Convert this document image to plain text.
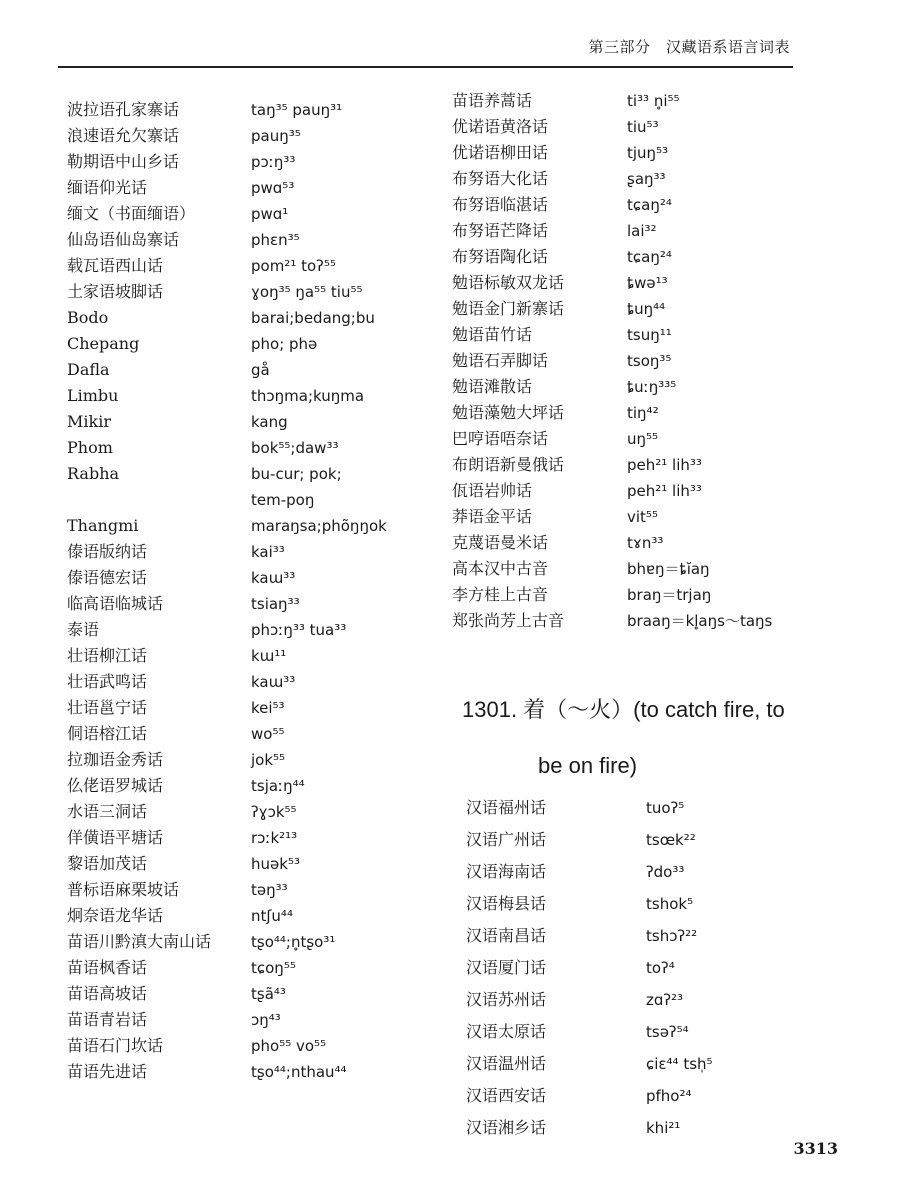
第三部分　汉藏语系语言词表
波拉语孔家寨话	taŋ³⁵ pauŋ³¹
浪速语允欠寨话	pauŋ³⁵
勒期语中山乡话	pɔːŋ³³
缅语仰光话	pwɑ⁵³
缅文（书面缅语）	pwɑ¹
仙岛语仙岛寨话	phɛn³⁵
载瓦语西山话	pom²¹ toʔ⁵⁵
土家语坡脚话	ɣoŋ³⁵ ŋa⁵⁵ tiu⁵⁵
Bodo	barai;bedang;bu
Chepang	pho; phə
Dafla	gå
Limbu	thɔŋma;kuŋma
Mikir	kang
Phom	bok⁵⁵;daw³³
Rabha	bu-cur; pok;
tem-poŋ
Thangmi	maraŋsa;phõŋŋok
傣语版纳话	kai³³
傣语德宏话	kaɯ³³
临高语临城话	tsiaŋ³³
泰语	phɔːŋ³³ tua³³
壮语柳江话	kɯ¹¹
壮语武鸣话	kaɯ³³
壮语邕宁话	kei⁵³
侗语榕江话	wo⁵⁵
拉珈语金秀话	jok⁵⁵
仫佬语罗城话	tsjaːŋ⁴⁴
水语三洞话	ʔɣɔk⁵⁵
佯僙语平塘话	rɔːk²¹³
黎语加茂话	huək⁵³
普标语麻栗坡话	təŋ³³
炯奈语龙华话	ntʃu⁴⁴
苗语川黔滇大南山话	tʂo⁴⁴;n̥tʂo³¹
苗语枫香话	tɕoŋ⁵⁵
苗语高坡话	tʂã⁴³
苗语青岩话	ɔŋ⁴³
苗语石门坎话	pho⁵⁵ vo⁵⁵
苗语先进话	tʂo⁴⁴;nthau⁴⁴
苗语养蒿话	ti³³ n̥i⁵⁵
优诺语黄洛话	tiu⁵³
优诺语柳田话	tjuŋ⁵³
布努语大化话	ʂaŋ³³
布努语临湛话	tɕaŋ²⁴
布努语芒降话	lai³²
布努语陶化话	tɕaŋ²⁴
勉语标敏双龙话	ȶwə¹³
勉语金门新寨话	ȶuŋ⁴⁴
勉语苗竹话	tsuŋ¹¹
勉语石弄脚话	tsoŋ³⁵
勉语滩散话	ȶuːŋ³³⁵
勉语藻勉大坪话	tiŋ⁴²
巴哼语唔奈话	uŋ⁵⁵
布朗语新曼俄话	peh²¹ lih³³
佤语岩帅话	peh²¹ lih³³
莽语金平话	vit⁵⁵
克蔑语曼米话	tɤn³³
高本汉中古音	bhɐŋ＝ȶĭaŋ
李方桂上古音	braŋ＝trjaŋ
郑张尚芳上古音	braaŋ＝kl̥aŋs～taŋs
1301. 着（～火）(to catch fire, to
be on fire)
汉语福州话	tuoʔ⁵
汉语广州话	tsœk²²
汉语海南话	ʔdo³³
汉语梅县话	tshok⁵
汉语南昌话	tshɔʔ²²
汉语厦门话	toʔ⁴
汉语苏州话	zɑʔ²³
汉语太原话	tsəʔ⁵⁴
汉语温州话	ɕiɛ⁴⁴ tsh̩⁵
汉语西安话	pfho²⁴
汉语湘乡话	khi²¹
3313
